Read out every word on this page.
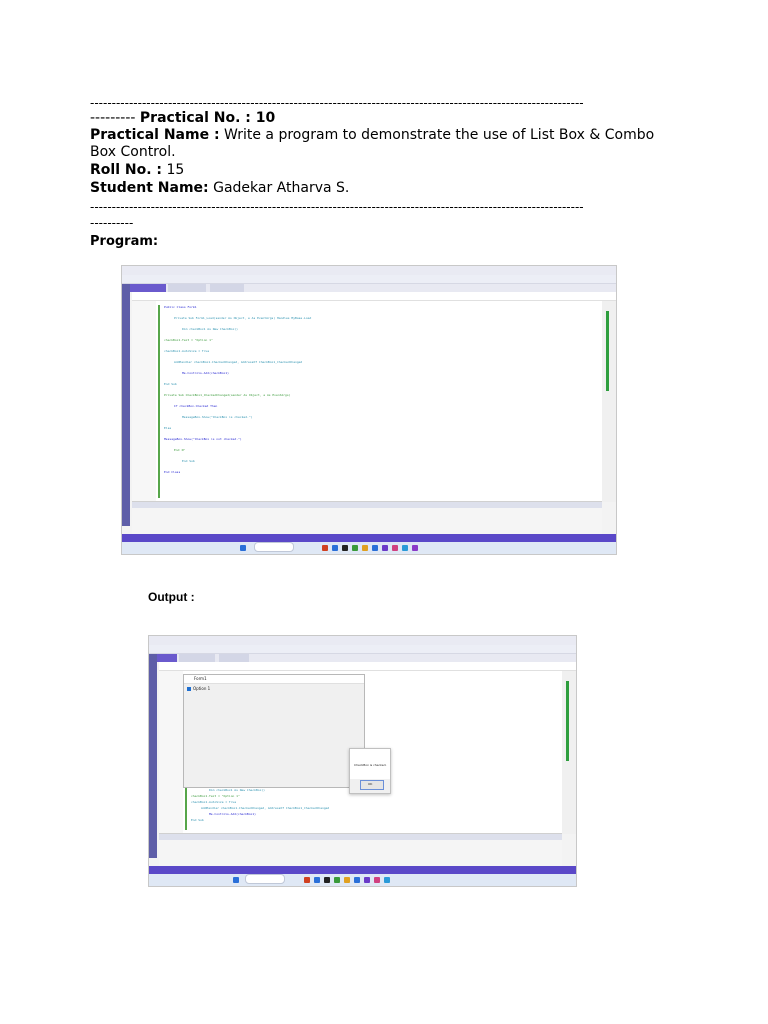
------------------------------------------------------------------------------------------------------------------
--------- Practical No. : 10
Practical Name : Write a program to demonstrate the use of List Box & Combo Box Control.
Roll No. : 15
Student Name: Gadekar Atharva S.
------------------------------------------------------------------------------------------------------------------
----------
Program:
Public Class Form1
Private Sub Form1_Load(sender As Object, e As EventArgs) Handles MyBase.Load
Dim checkBox1 As New CheckBox()
checkBox1.Text = "Option 1"
checkBox1.AutoSize = True
AddHandler checkBox1.CheckedChanged, AddressOf CheckBox1_CheckedChanged
Me.Controls.Add(checkBox1)
End Sub
Private Sub CheckBox1_CheckedChanged(sender As Object, e As EventArgs)
If checkBox.Checked Then
MessageBox.Show("CheckBox is checked.")
Else
MessageBox.Show("CheckBox is not checked.")
End If
End Sub
End Class
Output :
Dim checkBox1 As New CheckBox()
checkBox1.Text = "Option 1"
checkBox1.AutoSize = True
AddHandler checkBox1.CheckedChanged, AddressOf CheckBox1_CheckedChanged
Me.Controls.Add(checkBox1)
End Sub
Form1
Option 1
CheckBox is checked.
OK
